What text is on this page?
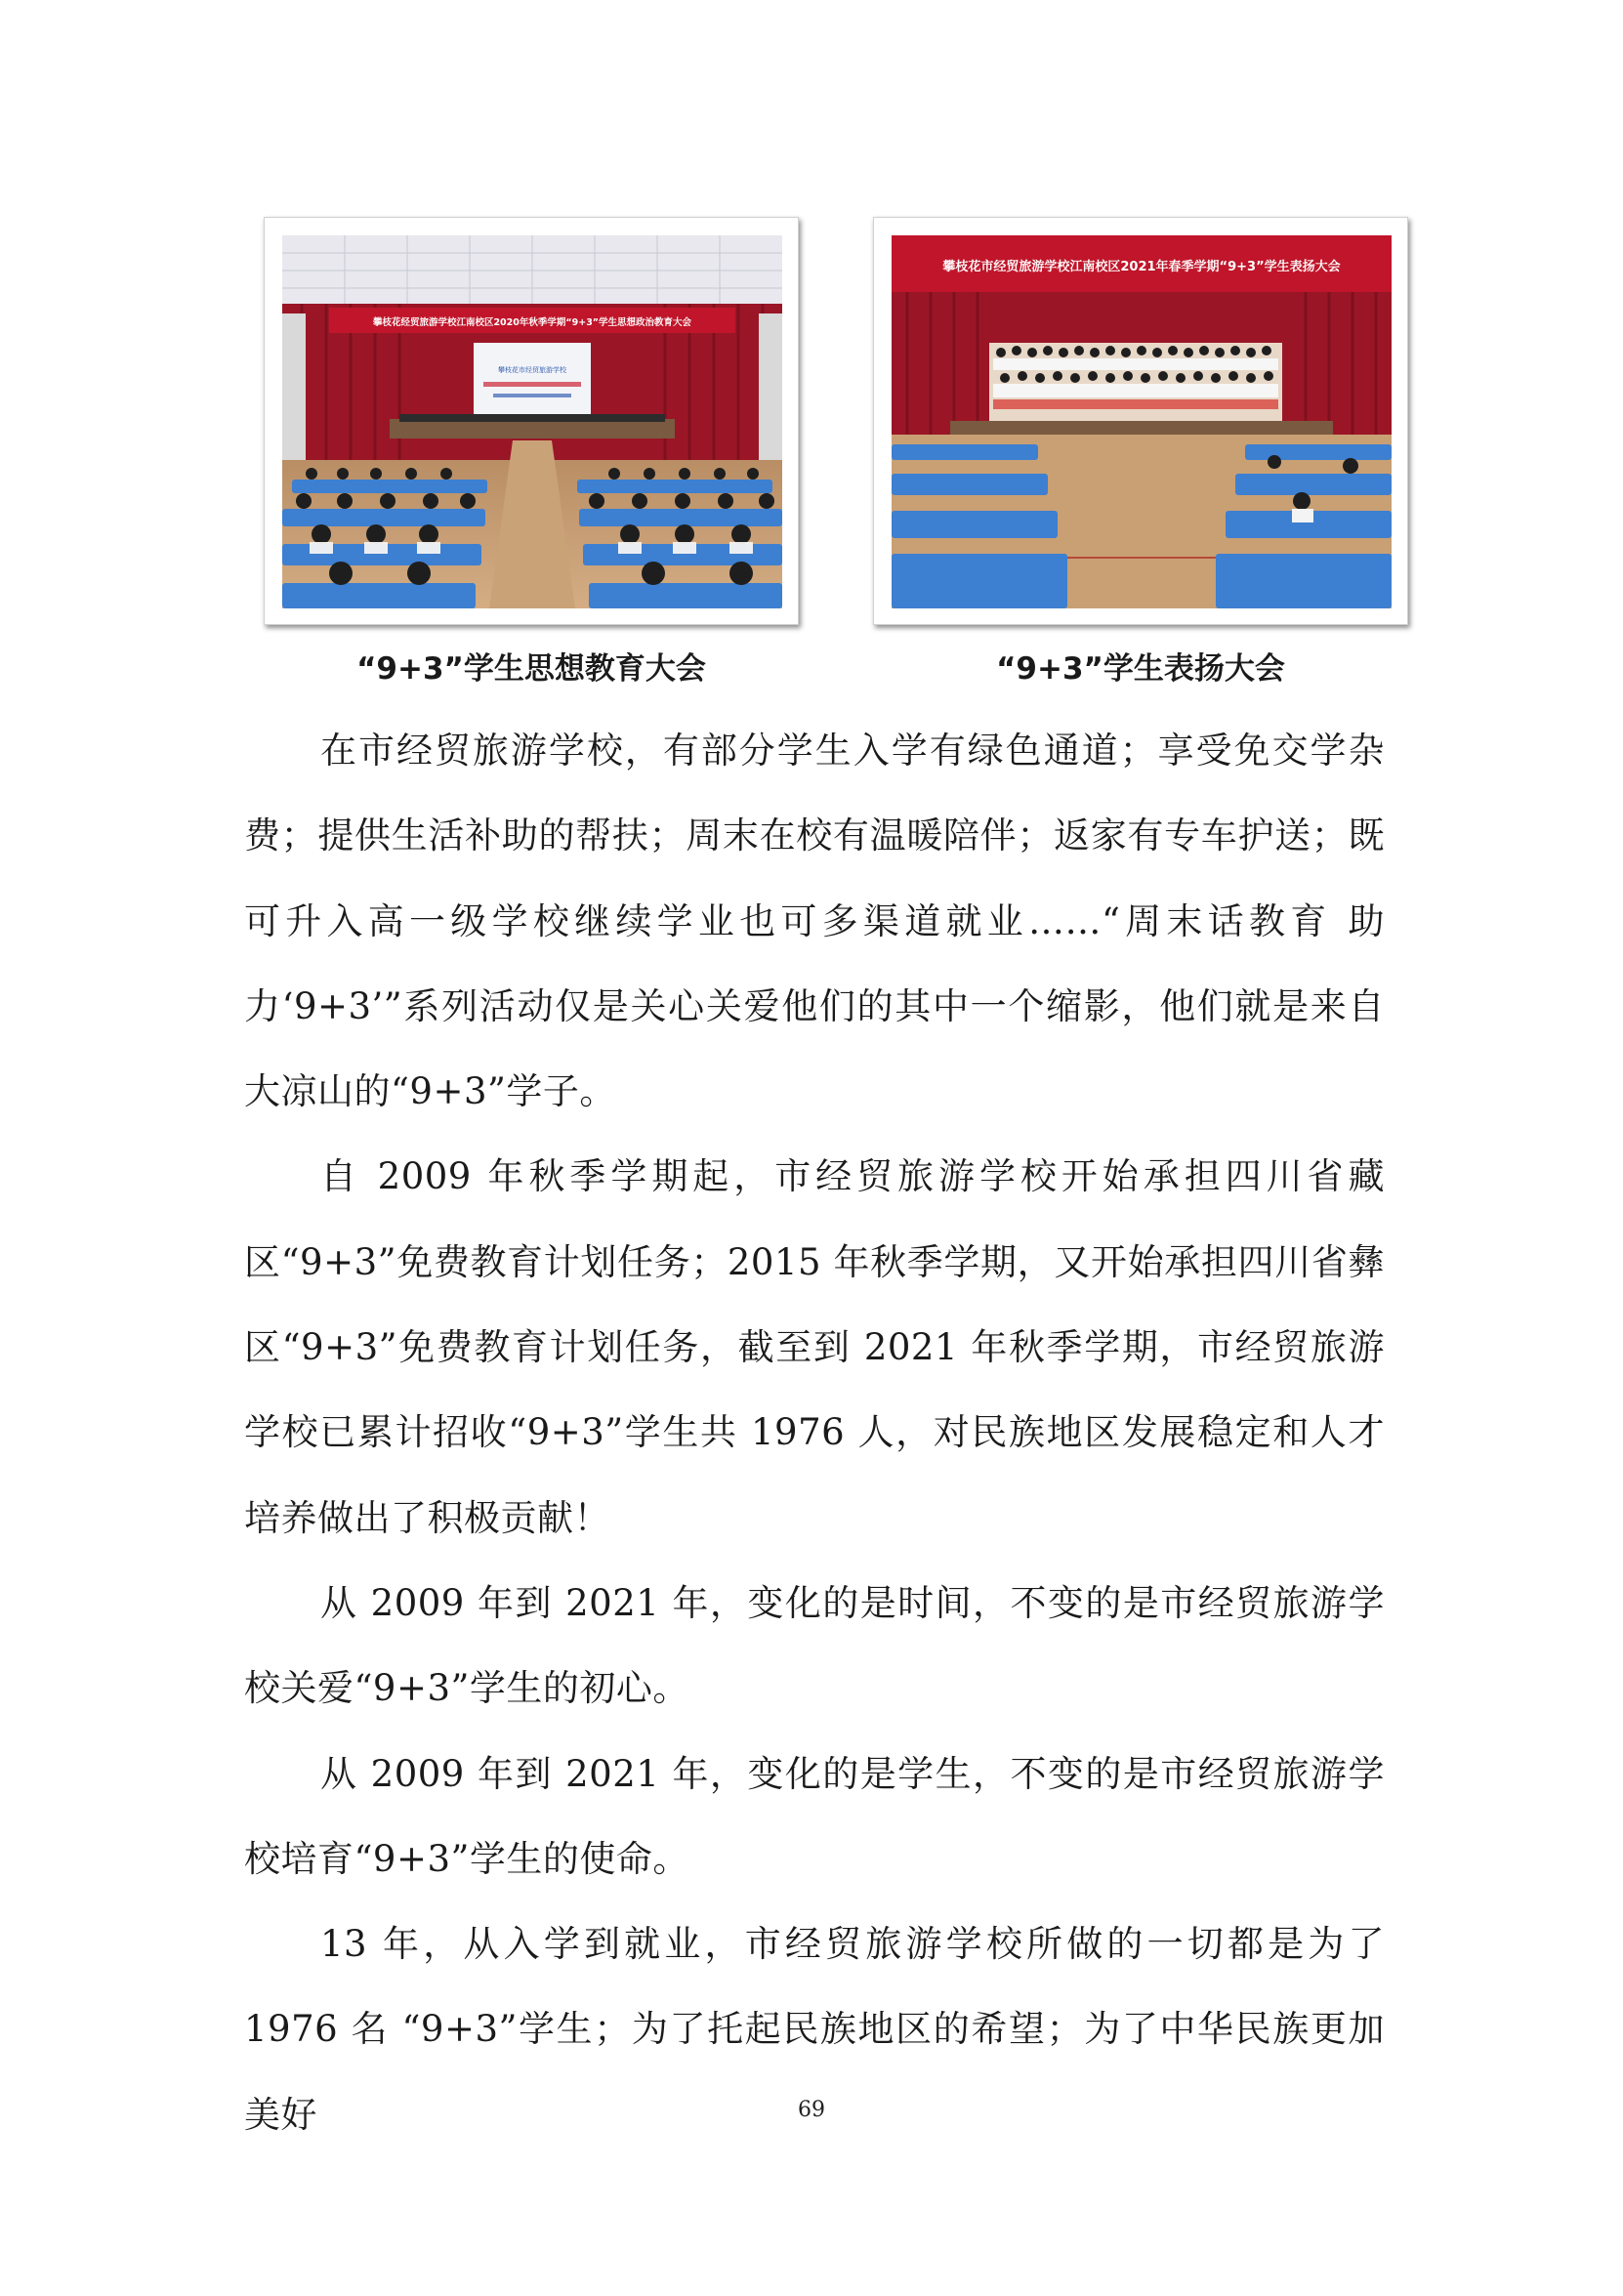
攀枝花经贸旅游学校江南校区2020年秋季学期“9+3”学生思想政治教育大会
攀枝花市经贸旅游学校
攀枝花市经贸旅游学校江南校区2021年春季学期“9+3”学生表扬大会
“9+3”学生思想教育大会	“9+3”学生表扬大会

在市经贸旅游学校，有部分学生入学有绿色通道；享受免交学杂费；提供生活补助的帮扶；周末在校有温暖陪伴；返家有专车护送；既可升入高一级学校继续学业也可多渠道就业……“周末话教育 助力‘9+3’”系列活动仅是关心关爱他们的其中一个缩影，他们就是来自大凉山的“9+3”学子。

自 2009 年秋季学期起，市经贸旅游学校开始承担四川省藏区“9+3”免费教育计划任务；2015 年秋季学期，又开始承担四川省彝区“9+3”免费教育计划任务，截至到 2021 年秋季学期，市经贸旅游学校已累计招收“9+3”学生共 1976 人，对民族地区发展稳定和人才培养做出了积极贡献！

从 2009 年到 2021 年，变化的是时间，不变的是市经贸旅游学校关爱“9+3”学生的初心。

从 2009 年到 2021 年，变化的是学生，不变的是市经贸旅游学校培育“9+3”学生的使命。

13 年，从入学到就业，市经贸旅游学校所做的一切都是为了 1976 名 “9+3”学生；为了托起民族地区的希望；为了中华民族更加美好	69
